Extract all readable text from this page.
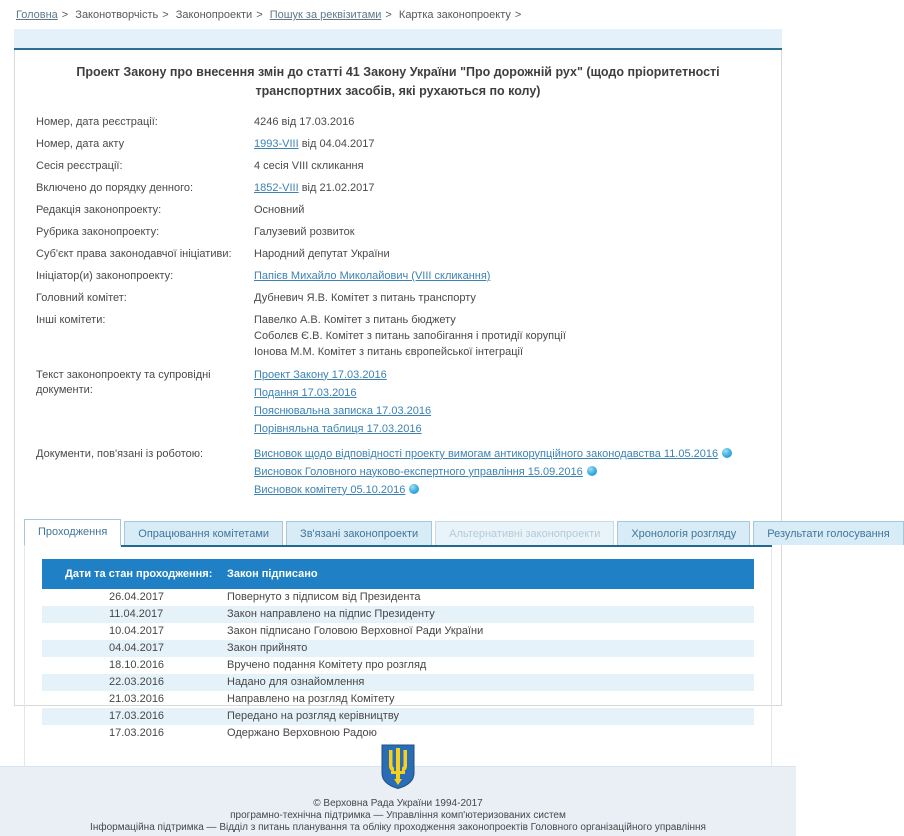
Головна > Законотворчість > Законопроекти > Пошук за реквізитами > Картка законопроекту >
Проект Закону про внесення змін до статті 41 Закону України "Про дорожній рух" (щодо пріоритетності транспортних засобів, які рухаються по колу)
Номер, дата реєстрації:	4246 від 17.03.2016
Номер, дата акту	1993-VIII від 04.04.2017
Сесія реєстрації:	4 сесія VIII скликання
Включено до порядку денного:	1852-VIII від 21.02.2017
Редакція законопроекту:	Основний
Рубрика законопроекту:	Галузевий розвиток
Суб'єкт права законодавчої ініціативи:	Народний депутат України
Ініціатор(и) законопроекту:	Папієв Михайло Миколайович (VIII скликання)
Головний комітет:	Дубневич Я.В. Комітет з питань транспорту
Інші комітети:	Павелко А.В. Комітет з питань бюджету
Соболєв Є.В. Комітет з питань запобігання і протидії корупції
Іонова М.М. Комітет з питань європейської інтеграції
Текст законопроекту та супровідні документи:
Проект Закону 17.03.2016
Подання 17.03.2016
Пояснювальна записка 17.03.2016
Порівняльна таблиця 17.03.2016
Документи, пов'язані із роботою:	Висновок щодо відповідності проекту вимогам антикорупційного законодавства 11.05.2016
Висновок Головного науково-експертного управління 15.09.2016
Висновок комітету 05.10.2016
Проходження	Опрацювання комітетами	Зв'язані законопроекти	Альтернативні законопроекти	Хронологія розгляду	Результати голосування
Дати та стан проходження:	Закон підписано
26.04.2017	Повернуто з підписом від Президента
11.04.2017	Закон направлено на підпис Президенту
10.04.2017	Закон підписано Головою Верховної Ради України
04.04.2017	Закон прийнято
18.10.2016	Вручено подання Комітету про розгляд
22.03.2016	Надано для ознайомлення
21.03.2016	Направлено на розгляд Комітету
17.03.2016	Передано на розгляд керівництву
17.03.2016	Одержано Верховною Радою
© Верховна Рада України 1994-2017
програмно-технічна підтримка — Управління комп'ютеризованих систем
Інформаційна підтримка — Відділ з питань планування та обліку проходження законопроектів Головного організаційного управління
